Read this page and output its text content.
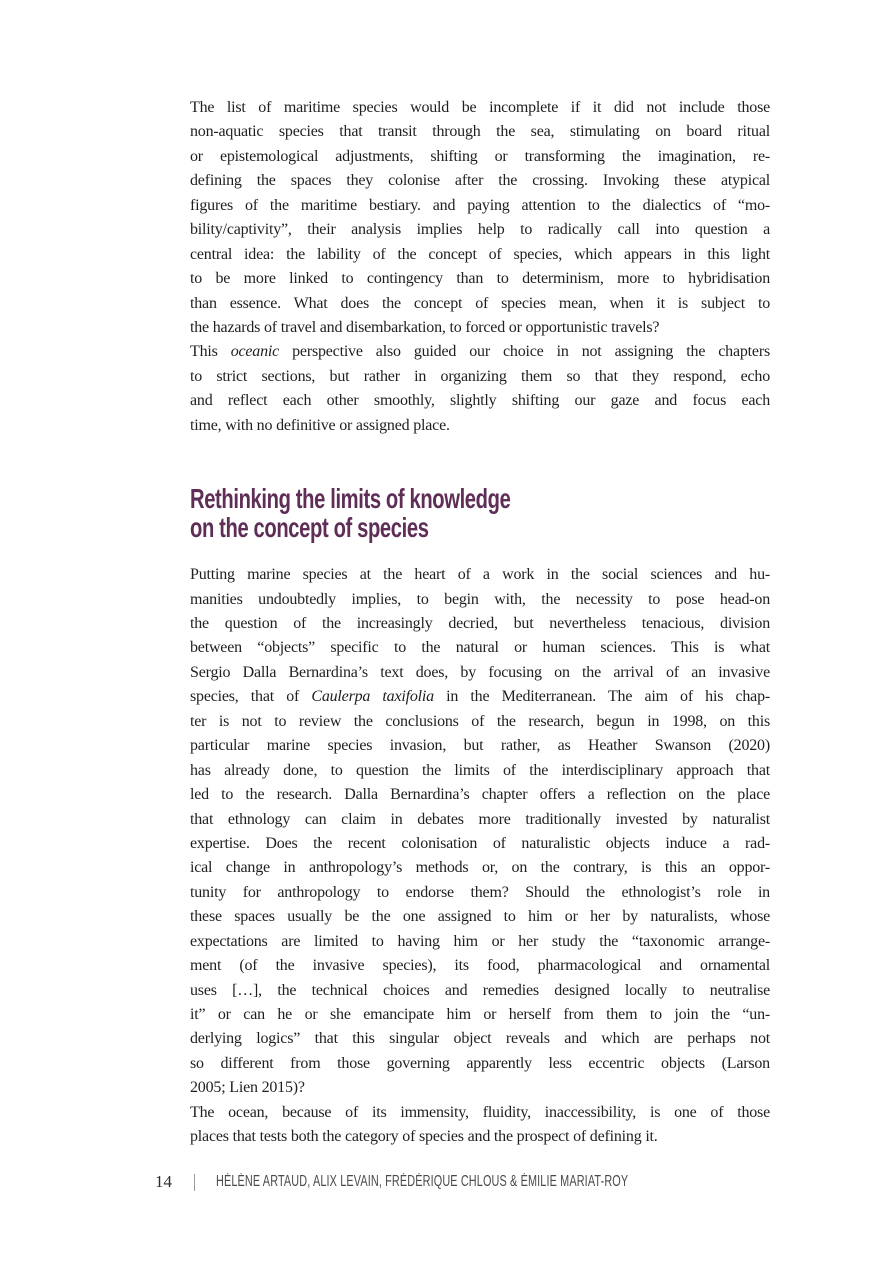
The list of maritime species would be incomplete if it did not include those
non-aquatic species that transit through the sea, stimulating on board ritual
or epistemological adjustments, shifting or transforming the imagination, re-
defining the spaces they colonise after the crossing. Invoking these atypical
figures of the maritime bestiary. and paying attention to the dialectics of “mo-
bility/captivity”, their analysis implies help to radically call into question a
central idea: the lability of the concept of species, which appears in this light
to be more linked to contingency than to determinism, more to hybridisation
than essence. What does the concept of species mean, when it is subject to
the hazards of travel and disembarkation, to forced or opportunistic travels?
This oceanic perspective also guided our choice in not assigning the chapters
to strict sections, but rather in organizing them so that they respond, echo
and reflect each other smoothly, slightly shifting our gaze and focus each
time, with no definitive or assigned place.
Rethinking the limits of knowledge
on the concept of species
Putting marine species at the heart of a work in the social sciences and hu-
manities undoubtedly implies, to begin with, the necessity to pose head-on
the question of the increasingly decried, but nevertheless tenacious, division
between “objects” specific to the natural or human sciences. This is what
Sergio Dalla Bernardina’s text does, by focusing on the arrival of an invasive
species, that of Caulerpa taxifolia in the Mediterranean. The aim of his chap-
ter is not to review the conclusions of the research, begun in 1998, on this
particular marine species invasion, but rather, as Heather Swanson (2020)
has already done, to question the limits of the interdisciplinary approach that
led to the research. Dalla Bernardina’s chapter offers a reflection on the place
that ethnology can claim in debates more traditionally invested by naturalist
expertise. Does the recent colonisation of naturalistic objects induce a rad-
ical change in anthropology’s methods or, on the contrary, is this an oppor-
tunity for anthropology to endorse them? Should the ethnologist’s role in
these spaces usually be the one assigned to him or her by naturalists, whose
expectations are limited to having him or her study the “taxonomic arrange-
ment (of the invasive species), its food, pharmacological and ornamental
uses […], the technical choices and remedies designed locally to neutralise
it” or can he or she emancipate him or herself from them to join the “un-
derlying logics” that this singular object reveals and which are perhaps not
so different from those governing apparently less eccentric objects (Larson
2005; Lien 2015)?
The ocean, because of its immensity, fluidity, inaccessibility, is one of those
places that tests both the category of species and the prospect of defining it.
14	HÉLÈNE ARTAUD, ALIX LEVAIN, FRÉDÉRIQUE CHLOUS & ÉMILIE MARIAT-ROY
